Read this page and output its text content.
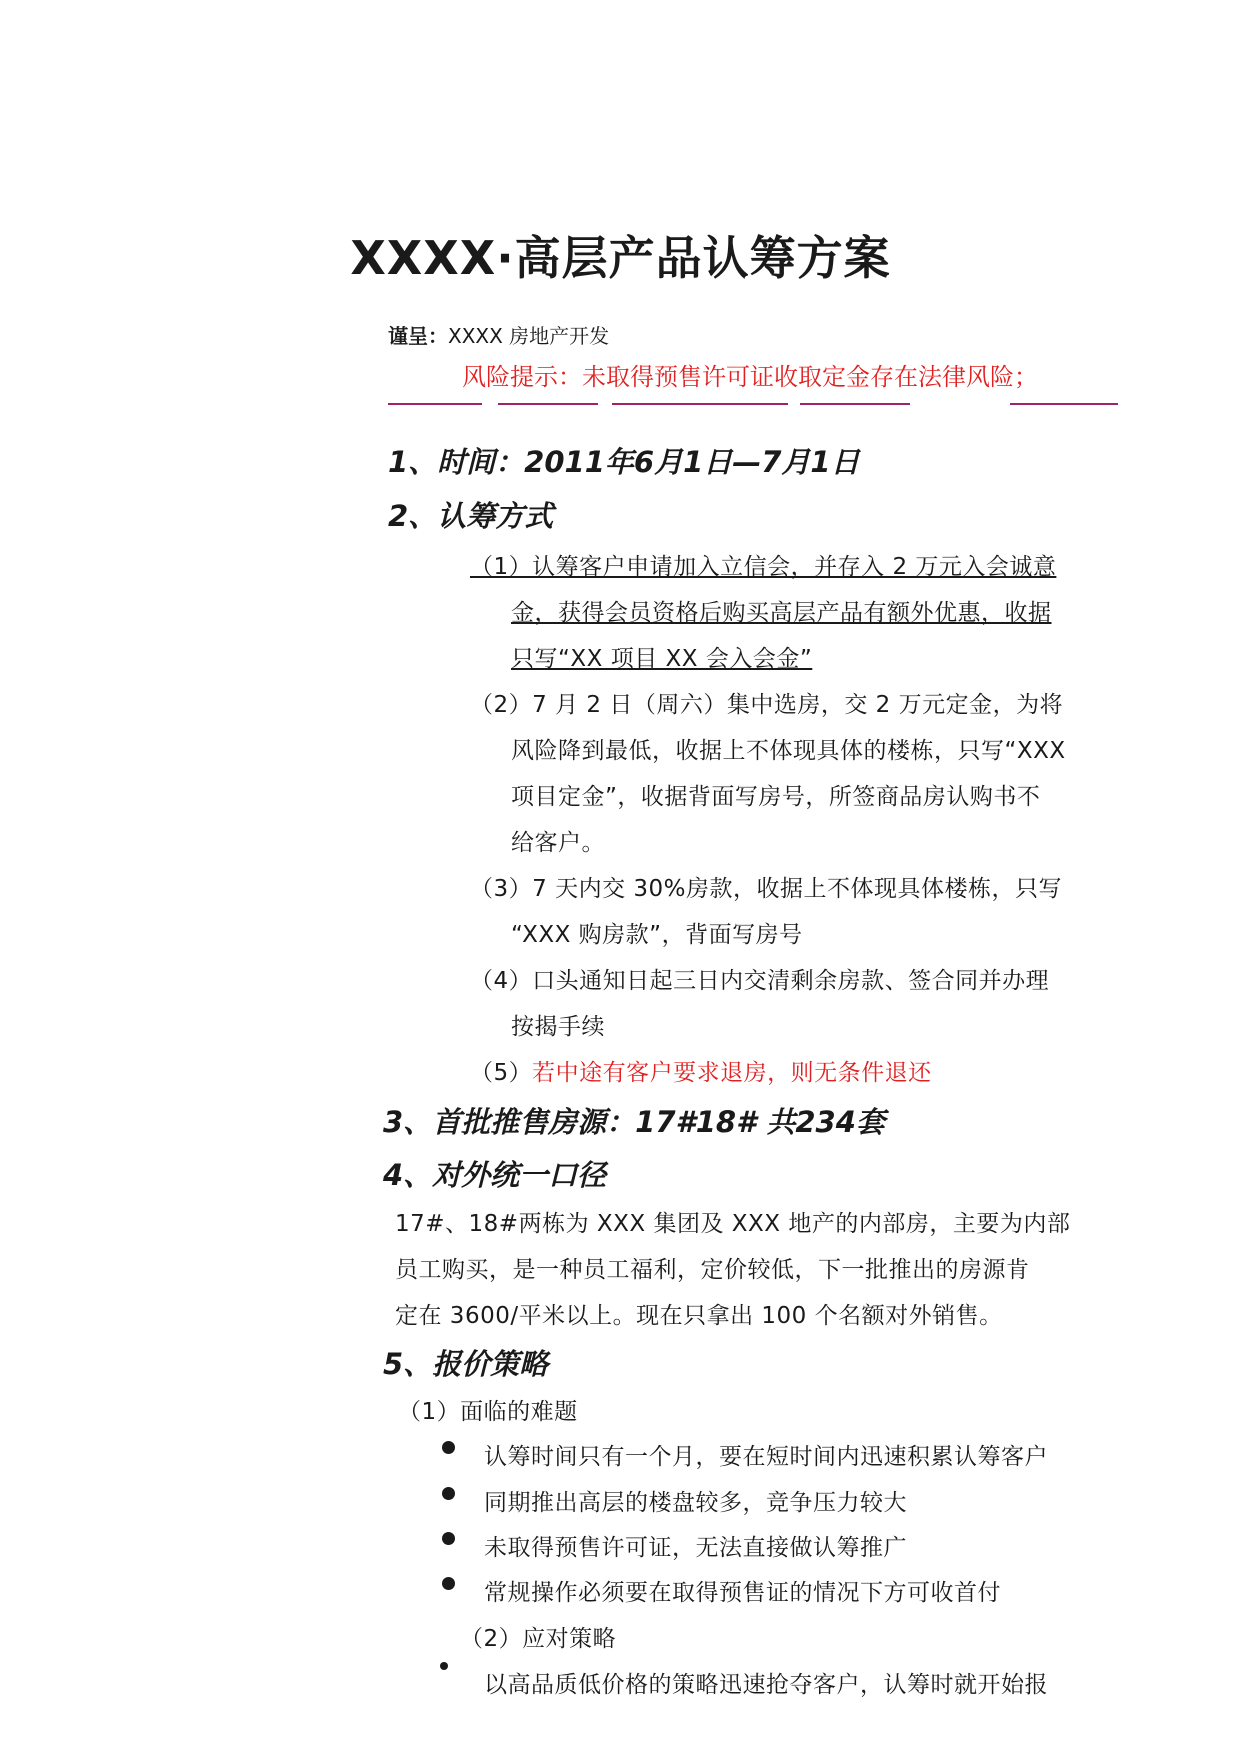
XXXX·高层产品认筹方案
谨呈：XXXX 房地产开发
风险提示：未取得预售许可证收取定金存在法律风险；
1、时间：2011年6月1日—7月1日
2、认筹方式
（1）认筹客户申请加入立信会，并存入 2 万元入会诚意
金，获得会员资格后购买高层产品有额外优惠，收据
只写“XX 项目 XX 会入会金”
（2）7 月 2 日（周六）集中选房，交 2 万元定金，为将
风险降到最低，收据上不体现具体的楼栋，只写“XXX
项目定金”，收据背面写房号，所签商品房认购书不
给客户。
（3）7 天内交 30%房款，收据上不体现具体楼栋，只写
“XXX 购房款”，背面写房号
（4）口头通知日起三日内交清剩余房款、签合同并办理
按揭手续
（5）若中途有客户要求退房，则无条件退还
3、首批推售房源：17#18# 共234套
4、对外统一口径
17#、18#两栋为 XXX 集团及 XXX 地产的内部房，主要为内部
员工购买，是一种员工福利，定价较低，下一批推出的房源肯
定在 3600/平米以上。现在只拿出 100 个名额对外销售。
5、报价策略
（1）面临的难题
认筹时间只有一个月，要在短时间内迅速积累认筹客户
同期推出高层的楼盘较多，竞争压力较大
未取得预售许可证，无法直接做认筹推广
常规操作必须要在取得预售证的情况下方可收首付
（2）应对策略
以高品质低价格的策略迅速抢夺客户，认筹时就开始报
